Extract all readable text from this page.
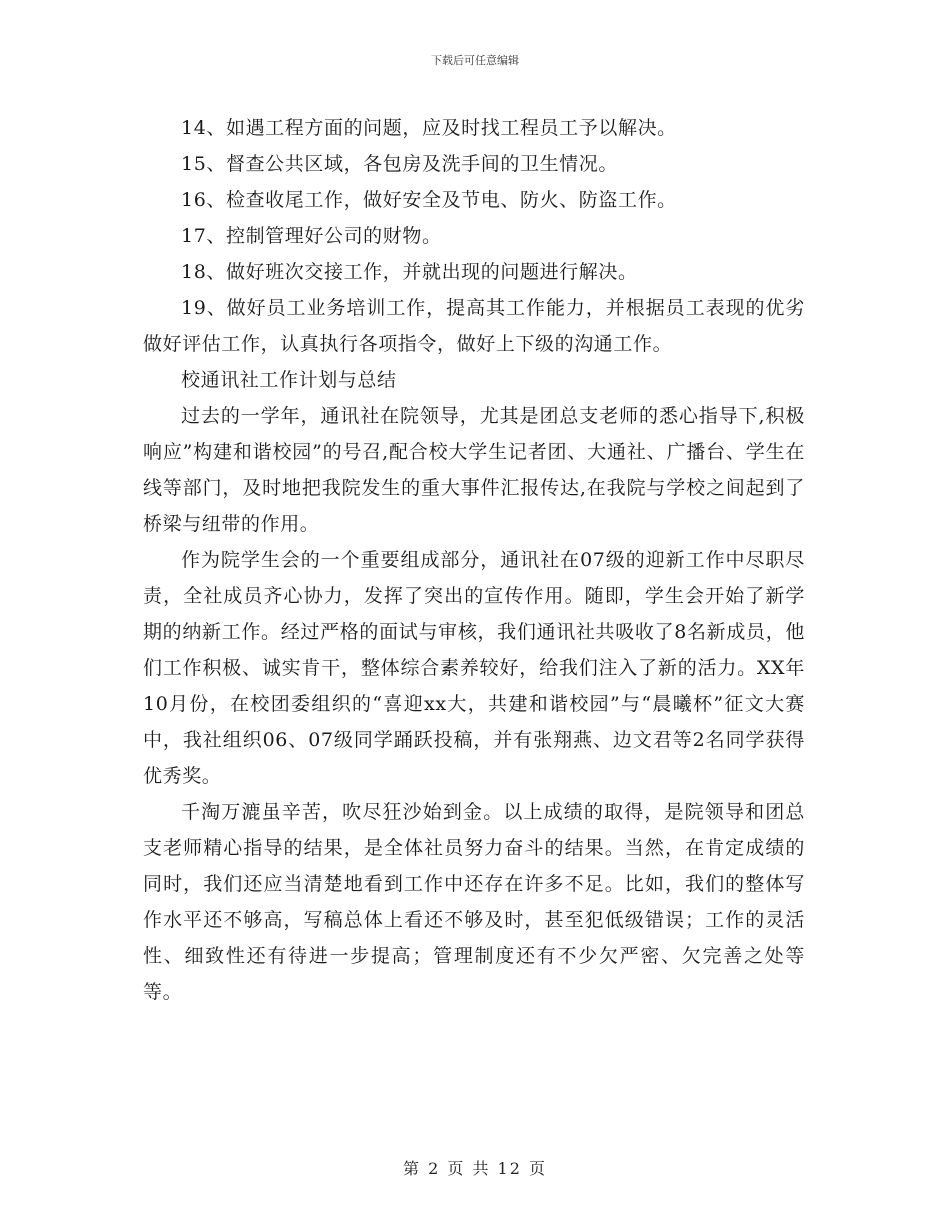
下载后可任意编辑

14、如遇工程方面的问题，应及时找工程员工予以解决。

15、督查公共区域，各包房及洗手间的卫生情况。

16、检查收尾工作，做好安全及节电、防火、防盗工作。

17、控制管理好公司的财物。

18、做好班次交接工作，并就出现的问题进行解决。

19、做好员工业务培训工作，提高其工作能力，并根据员工表现的优劣做好评估工作，认真执行各项指令，做好上下级的沟通工作。

校通讯社工作计划与总结

过去的一学年，通讯社在院领导，尤其是团总支老师的悉心指导下,积极响应”构建和谐校园”的号召,配合校大学生记者团、大通社、广播台、学生在线等部门，及时地把我院发生的重大事件汇报传达,在我院与学校之间起到了桥梁与纽带的作用。

作为院学生会的一个重要组成部分，通讯社在07级的迎新工作中尽职尽责，全社成员齐心协力，发挥了突出的宣传作用。随即，学生会开始了新学期的纳新工作。经过严格的面试与审核，我们通讯社共吸收了8名新成员，他们工作积极、诚实肯干，整体综合素养较好，给我们注入了新的活力。XX年10月份，在校团委组织的“喜迎xx大，共建和谐校园”与“晨曦杯”征文大赛中，我社组织06、07级同学踊跃投稿，并有张翔燕、边文君等2名同学获得优秀奖。

千淘万漉虽辛苦，吹尽狂沙始到金。以上成绩的取得，是院领导和团总支老师精心指导的结果，是全体社员努力奋斗的结果。当然，在肯定成绩的同时，我们还应当清楚地看到工作中还存在许多不足。比如，我们的整体写作水平还不够高，写稿总体上看还不够及时，甚至犯低级错误；工作的灵活性、细致性还有待进一步提高；管理制度还有不少欠严密、欠完善之处等等。

第 2 页 共 12 页
